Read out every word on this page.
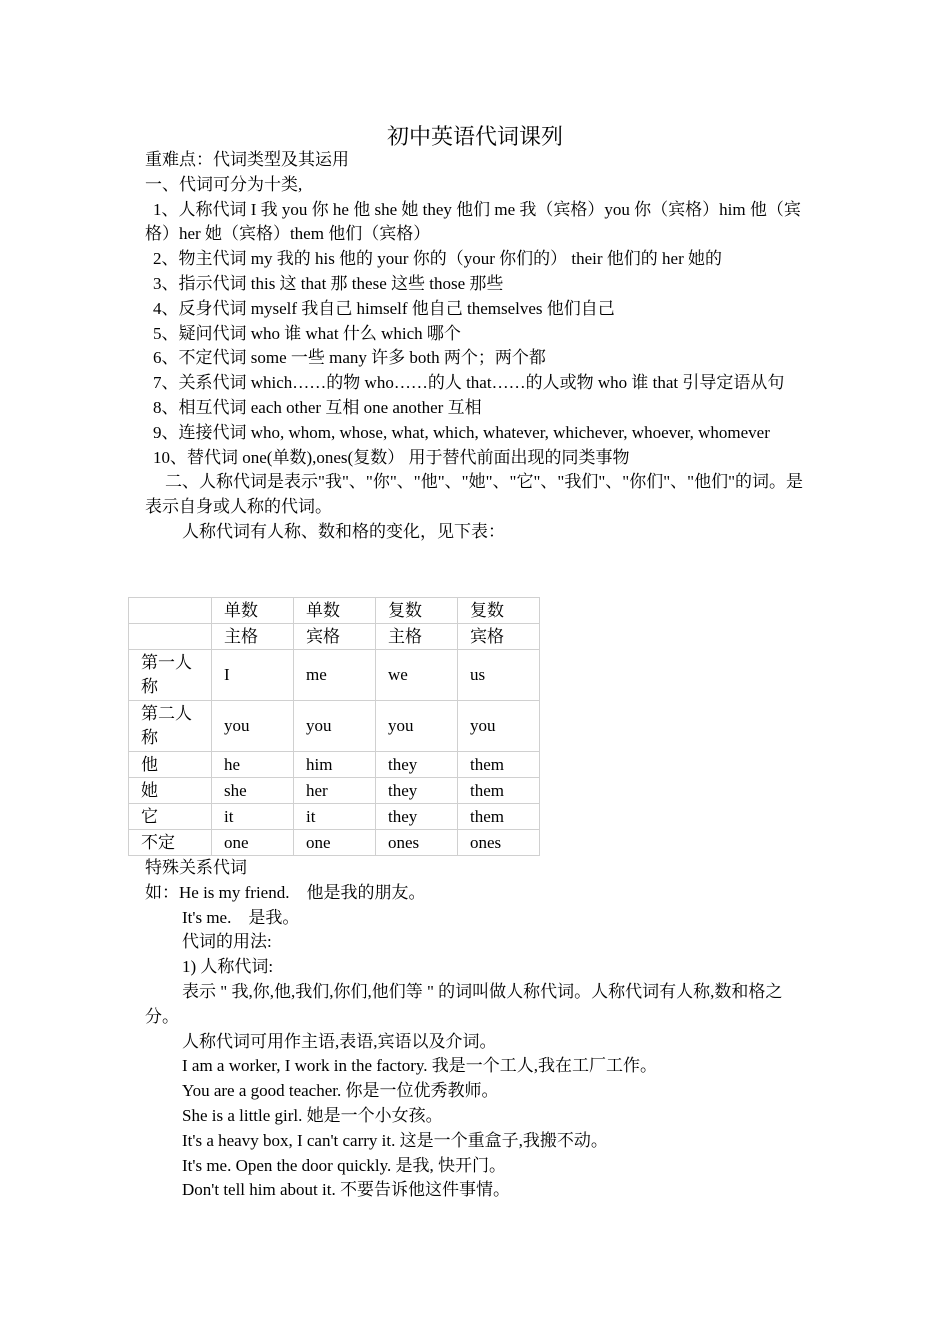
初中英语代词课列

重难点：代词类型及其运用

一、代词可分为十类,

1、人称代词 I 我 you 你 he 他 she 她 they 他们 me 我（宾格）you 你（宾格）him 他（宾格）her 她（宾格）them 他们（宾格）

2、物主代词 my 我的 his 他的 your 你的（your 你们的） their 他们的 her 她的

3、指示代词 this 这 that 那 these 这些 those 那些

4、反身代词 myself 我自己 himself 他自己 themselves 他们自己

5、疑问代词 who 谁 what 什么 which 哪个

6、不定代词 some 一些 many 许多 both 两个；两个都

7、关系代词 which……的物 who……的人 that……的人或物 who 谁 that 引导定语从句

8、相互代词 each other 互相 one another 互相

9、连接代词 who, whom, whose, what, which, whatever, whichever, whoever, whomever

10、替代词 one(单数),ones(复数） 用于替代前面出现的同类事物

二、人称代词是表示"我"、"你"、"他"、"她"、"它"、"我们"、"你们"、"他们"的词。是表示自身或人称的代词。

人称代词有人称、数和格的变化，见下表：

	单数	单数	复数	复数
	主格	宾格	主格	宾格
第一人称	I	me	we	us
第二人称	you	you	you	you
他	he	him	they	them
她	she	her	they	them
它	it	it	they	them
不定	one	one	ones	ones

特殊关系代词

如：He is my friend.　他是我的朋友。

It's me.　是我。

代词的用法:

1) 人称代词:

表示 " 我,你,他,我们,你们,他们等 " 的词叫做人称代词。人称代词有人称,数和格之分。

人称代词可用作主语,表语,宾语以及介词。

I am a worker, I work in the factory. 我是一个工人,我在工厂工作。

You are a good teacher. 你是一位优秀教师。

She is a little girl. 她是一个小女孩。

It's a heavy box, I can't carry it. 这是一个重盒子,我搬不动。

It's me. Open the door quickly. 是我, 快开门。

Don't tell him about it. 不要告诉他这件事情。
